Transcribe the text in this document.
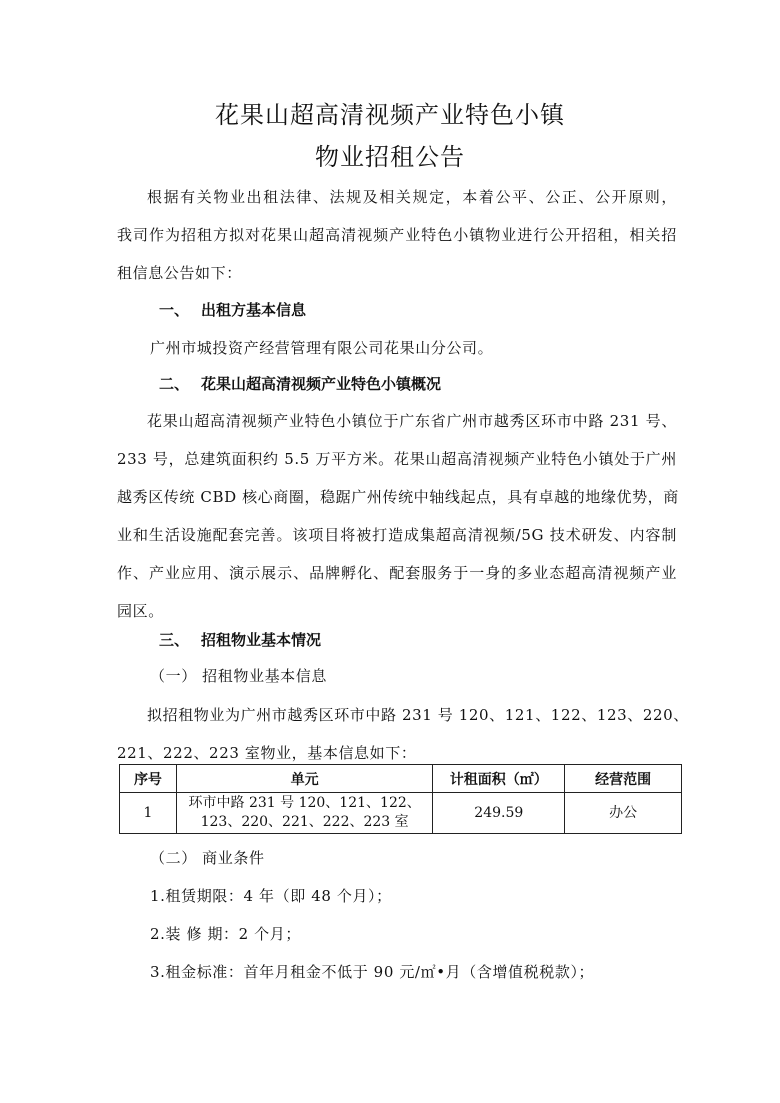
花果山超高清视频产业特色小镇
物业招租公告
根据有关物业出租法律、法规及相关规定，本着公平、公正、公开原则，
我司作为招租方拟对花果山超高清视频产业特色小镇物业进行公开招租，相关招
租信息公告如下：
一、 出租方基本信息
广州市城投资产经营管理有限公司花果山分公司。
二、 花果山超高清视频产业特色小镇概况
花果山超高清视频产业特色小镇位于广东省广州市越秀区环市中路 231 号、
233 号，总建筑面积约 5.5 万平方米。花果山超高清视频产业特色小镇处于广州
越秀区传统 CBD 核心商圈，稳踞广州传统中轴线起点，具有卓越的地缘优势，商
业和生活设施配套完善。该项目将被打造成集超高清视频/5G 技术研发、内容制
作、产业应用、演示展示、品牌孵化、配套服务于一身的多业态超高清视频产业
园区。
三、 招租物业基本情况
（一） 招租物业基本信息
拟招租物业为广州市越秀区环市中路 231 号 120、121、122、123、220、
221、222、223 室物业，基本信息如下：
序号	单元	计租面积（㎡）	经营范围
1	环市中路 231 号 120、121、122、
123、220、221、222、223 室	249.59	办公
（二） 商业条件
1.租赁期限：4 年（即 48 个月）；
2.装 修 期：2 个月；
3.租金标准：首年月租金不低于 90 元/㎡•月（含增值税税款）；
